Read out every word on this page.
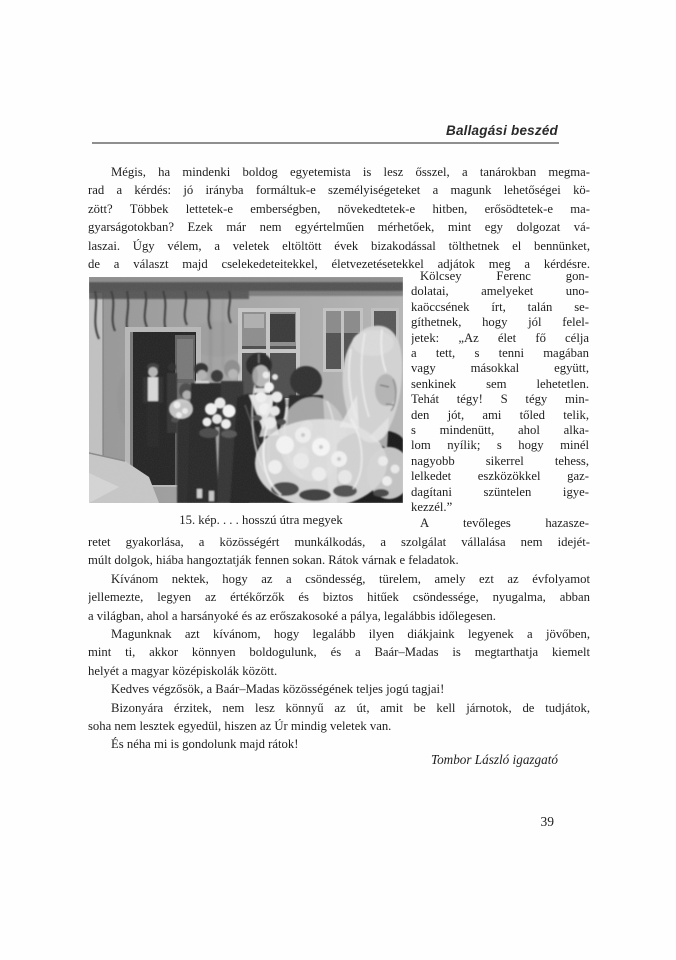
Ballagási beszéd
Mégis, ha mindenki boldog egyetemista is lesz ősszel, a tanárokban megma-
rad a kérdés: jó irányba formáltuk-e személyiségeteket a magunk lehetőségei kö-
zött? Többek lettetek-e emberségben, növekedtetek-e hitben, erősödtetek-e ma-
gyarságotokban? Ezek már nem egyértelműen mérhetőek, mint egy dolgozat vá-
laszai. Úgy vélem, a veletek eltöltött évek bizakodással tölthetnek el bennünket,
de a választ majd cselekedeteitekkel, életvezetésetekkel adjátok meg a kérdésre.
Kölcsey Ferenc gon-
dolatai, amelyeket uno-
kaöccsének írt, talán se-
gíthetnek, hogy jól felel-
jetek: „Az élet fő célja
a tett, s tenni magában
vagy másokkal együtt,
senkinek sem lehetetlen.
Tehát tégy! S tégy min-
den jót, ami tőled telik,
s mindenütt, ahol alka-
lom nyílik; s hogy minél
nagyobb sikerrel tehess,
lelkedet eszközökkel gaz-
dagítani szüntelen igye-
kezzél.”
A tevőleges hazasze-
15. kép. . . . hosszú útra megyek
retet gyakorlása, a közösségért munkálkodás, a szolgálat vállalása nem idejét-
múlt dolgok, hiába hangoztatják fennen sokan. Rátok várnak e feladatok.
Kívánom nektek, hogy az a csöndesség, türelem, amely ezt az évfolyamot
jellemezte, legyen az értékőrzők és biztos hitűek csöndessége, nyugalma, abban
a világban, ahol a harsányoké és az erőszakosoké a pálya, legalábbis időlegesen.
Magunknak azt kívánom, hogy legalább ilyen diákjaink legyenek a jövőben,
mint ti, akkor könnyen boldogulunk, és a Baár–Madas is megtarthatja kiemelt
helyét a magyar középiskolák között.
Kedves végzősök, a Baár–Madas közösségének teljes jogú tagjai!
Bizonyára érzitek, nem lesz könnyű az út, amit be kell járnotok, de tudjátok,
soha nem lesztek egyedül, hiszen az Úr mindig veletek van.
És néha mi is gondolunk majd rátok!
Tombor László igazgató
39
